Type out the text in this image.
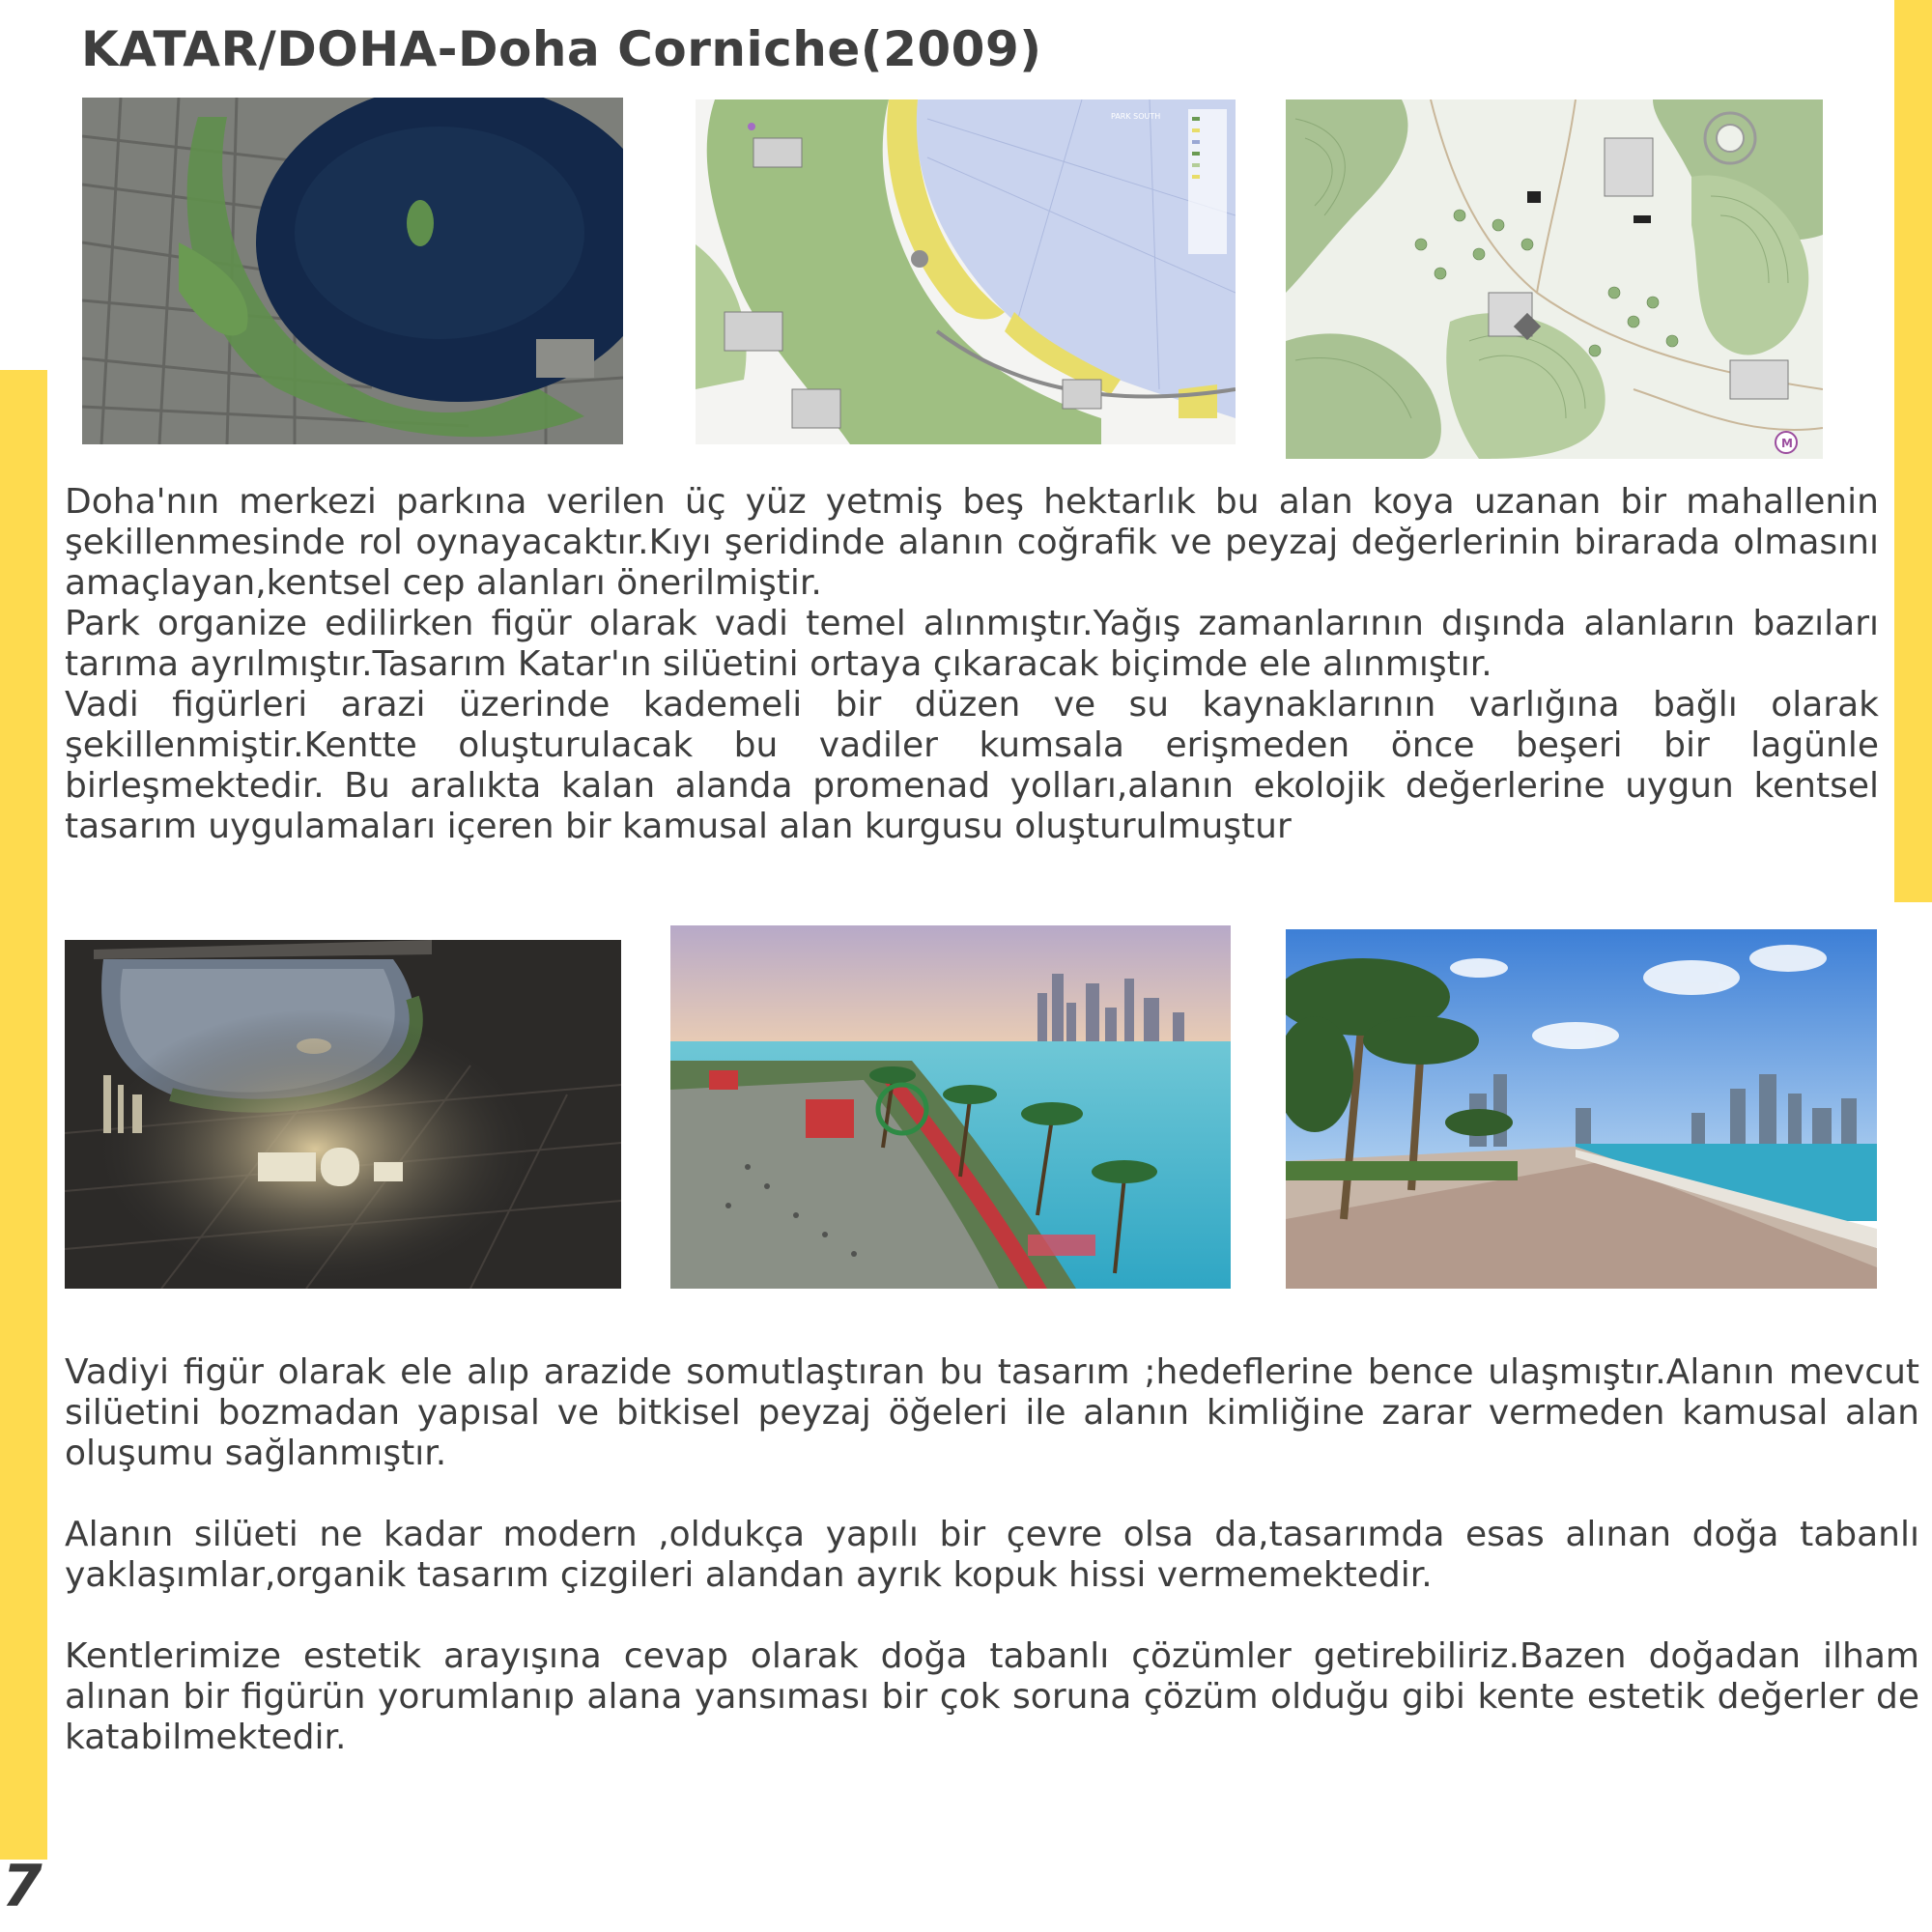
KATAR/DOHA-Doha Corniche(2009)
PARK SOUTH
M

Doha'nın merkezi parkına verilen üç yüz yetmiş beş hektarlık bu alan koya uzanan bir mahallenin şekillenmesinde rol oynayacaktır.Kıyı şeridinde alanın coğrafik ve peyzaj değerlerinin birarada olmasını amaçlayan,kentsel cep alanları önerilmiştir.

Park organize edilirken figür olarak vadi temel alınmıştır.Yağış zamanlarının dışında alanların bazıları tarıma ayrılmıştır.Tasarım Katar'ın silüetini ortaya çıkaracak biçimde ele alınmıştır.

Vadi figürleri arazi üzerinde kademeli bir düzen ve su kaynaklarının varlığına bağlı olarak şekillenmiştir.Kentte oluşturulacak bu vadiler kumsala erişmeden önce beşeri bir lagünle birleşmektedir. Bu aralıkta kalan alanda promenad yolları,alanın ekolojik değerlerine uygun kentsel tasarım uygulamaları içeren bir kamusal alan kurgusu oluşturulmuştur

Vadiyi figür olarak ele alıp arazide somutlaştıran bu tasarım ;hedeflerine bence ulaşmıştır.Alanın mevcut silüetini bozmadan yapısal ve bitkisel peyzaj öğeleri ile alanın kimliğine zarar vermeden kamusal alan oluşumu sağlanmıştır.

Alanın silüeti ne kadar modern ,oldukça yapılı bir çevre olsa da,tasarımda esas alınan doğa tabanlı yaklaşımlar,organik tasarım çizgileri alandan ayrık kopuk hissi vermemektedir.

Kentlerimize estetik arayışına cevap olarak doğa tabanlı çözümler getirebiliriz.Bazen doğadan ilham alınan bir figürün yorumlanıp alana yansıması bir çok soruna çözüm olduğu gibi kente estetik değerler de katabilmektedir.

7
